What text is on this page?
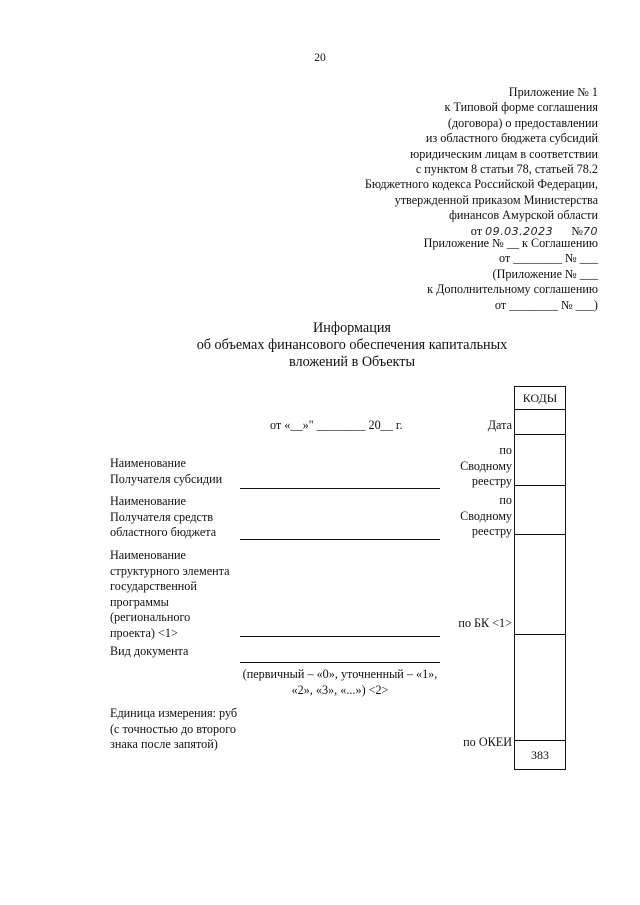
20
Приложение № 1
к Типовой форме соглашения
(договора) о предоставлении
из областного бюджета субсидий
юридическим лицам в соответствии
с пунктом 8 статьи 78, статьей 78.2
Бюджетного кодекса Российской Федерации,
утвержденной приказом Министерства
финансов Амурской области
от 09.03.2023 №70
Приложение № __ к Соглашению
от ________ № ___
(Приложение № ___
к Дополнительному соглашению
от ________ № ___)
Информация
об объемах финансового обеспечения капитальных
вложений в Объекты
КОДЫ

383
от «__»" ________ 20__ г.	Дата
по
Сводному
реестру
по
Сводному
реестру
по БК <1>
по ОКЕИ
Наименование
Получателя субсидии
Наименование
Получателя средств
областного бюджета
Наименование
структурного элемента
государственной
программы
(регионального
проекта) <1>
Вид документа
(первичный – «0», уточненный – «1»,
«2», «3», «...») <2>
Единица измерения: руб
(с точностью до второго
знака после запятой)
